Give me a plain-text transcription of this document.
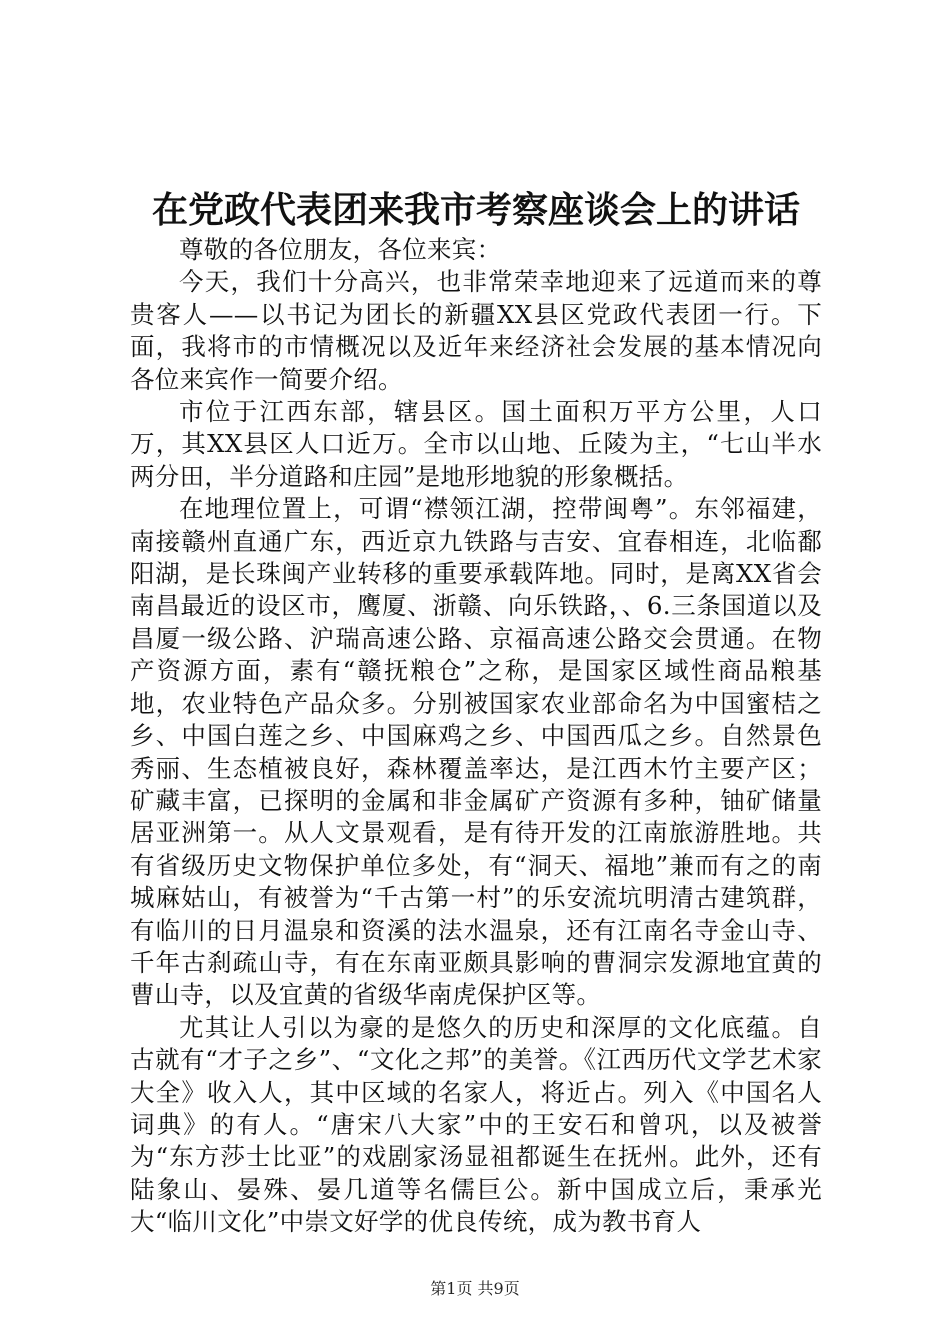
在党政代表团来我市考察座谈会上的讲话

尊敬的各位朋友，各位来宾：

今天，我们十分高兴，也非常荣幸地迎来了远道而来的尊贵客人——以书记为团长的新疆XX县区党政代表团一行。下面，我将市的市情概况以及近年来经济社会发展的基本情况向各位来宾作一简要介绍。

市位于江西东部，辖县区。国土面积万平方公里，人口万，其XX县区人口近万。全市以山地、丘陵为主，“七山半水两分田，半分道路和庄园”是地形地貌的形象概括。

在地理位置上，可谓“襟领江湖，控带闽粤”。东邻福建，南接赣州直通广东，西近京九铁路与吉安、宜春相连，北临鄱阳湖，是长珠闽产业转移的重要承载阵地。同时，是离XX省会南昌最近的设区市，鹰厦、浙赣、向乐铁路，、6.三条国道以及昌厦一级公路、沪瑞高速公路、京福高速公路交会贯通。在物产资源方面，素有“赣抚粮仓”之称，是国家区域性商品粮基地，农业特色产品众多。分别被国家农业部命名为中国蜜桔之乡、中国白莲之乡、中国麻鸡之乡、中国西瓜之乡。自然景色秀丽、生态植被良好，森林覆盖率达，是江西木竹主要产区；矿藏丰富，已探明的金属和非金属矿产资源有多种，铀矿储量居亚洲第一。从人文景观看，是有待开发的江南旅游胜地。共有省级历史文物保护单位多处，有“洞天、福地”兼而有之的南城麻姑山，有被誉为“千古第一村”的乐安流坑明清古建筑群，有临川的日月温泉和资溪的法水温泉，还有江南名寺金山寺、千年古刹疏山寺，有在东南亚颇具影响的曹洞宗发源地宜黄的曹山寺，以及宜黄的省级华南虎保护区等。

尤其让人引以为豪的是悠久的历史和深厚的文化底蕴。自古就有“才子之乡”、“文化之邦”的美誉。《江西历代文学艺术家大全》收入人，其中区域的名家人，将近占。列入《中国名人词典》的有人。“唐宋八大家”中的王安石和曾巩，以及被誉为“东方莎士比亚”的戏剧家汤显祖都诞生在抚州。此外，还有陆象山、晏殊、晏几道等名儒巨公。新中国成立后，秉承光大“临川文化”中崇文好学的优良传统，成为教书育人

第1页 共9页
